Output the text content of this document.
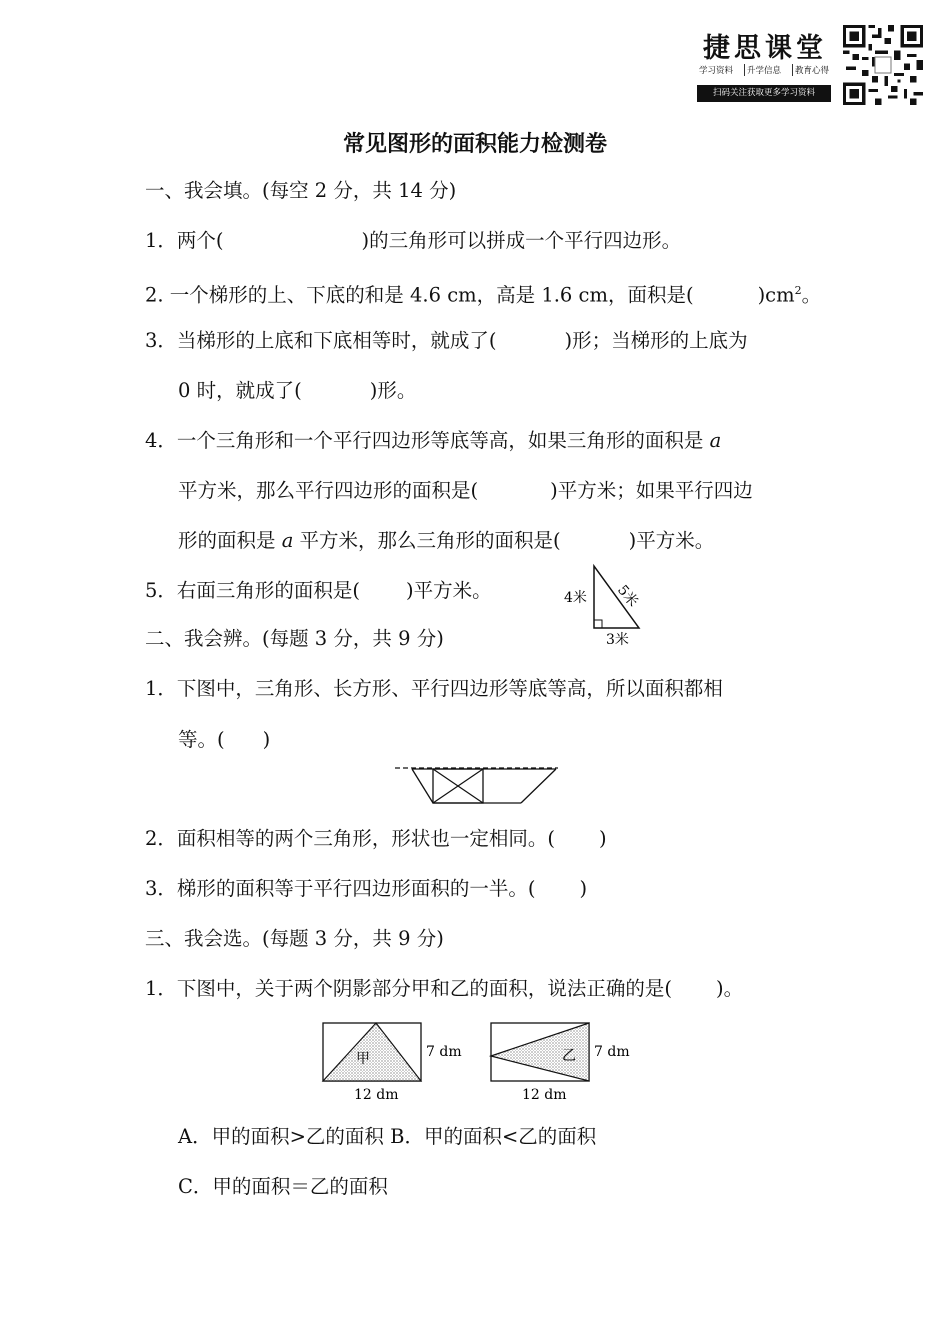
捷思课堂
学习资料	升学信息	教育心得
扫码关注获取更多学习资料
常见图形的面积能力检测卷
一、我会填。(每空 2 分，共 14 分)
1．两个(	)的三角形可以拼成一个平行四边形。
2. 一个梯形的上、下底的和是 4.6 cm，高是 1.6 cm，面积是(	)$cm^2$。
3．当梯形的上底和下底相等时，就成了(	)形；当梯形的上底为
0 时，就成了(	)形。
4．一个三角形和一个平行四边形等底等高，如果三角形的面积是 a
平方米，那么平行四边形的面积是(	)平方米；如果平行四边
形的面积是 a 平方米，那么三角形的面积是(	)平方米。
5．右面三角形的面积是( )平方米。	4米 5米
3米
二、我会辨。(每题 3 分，共 9 分)
1．下图中，三角形、长方形、平行四边形等底等高，所以面积都相
等。( )
2．面积相等的两个三角形，形状也一定相同。( )
3．梯形的面积等于平行四边形面积的一半。( )
三、我会选。(每题 3 分，共 9 分)
1．下图中，关于两个阴影部分甲和乙的面积，说法正确的是( )。
甲	7 dm
12 dm
乙 7 dm
12 dm
A．甲的面积>乙的面积 B．甲的面积<乙的面积
C．甲的面积＝乙的面积
